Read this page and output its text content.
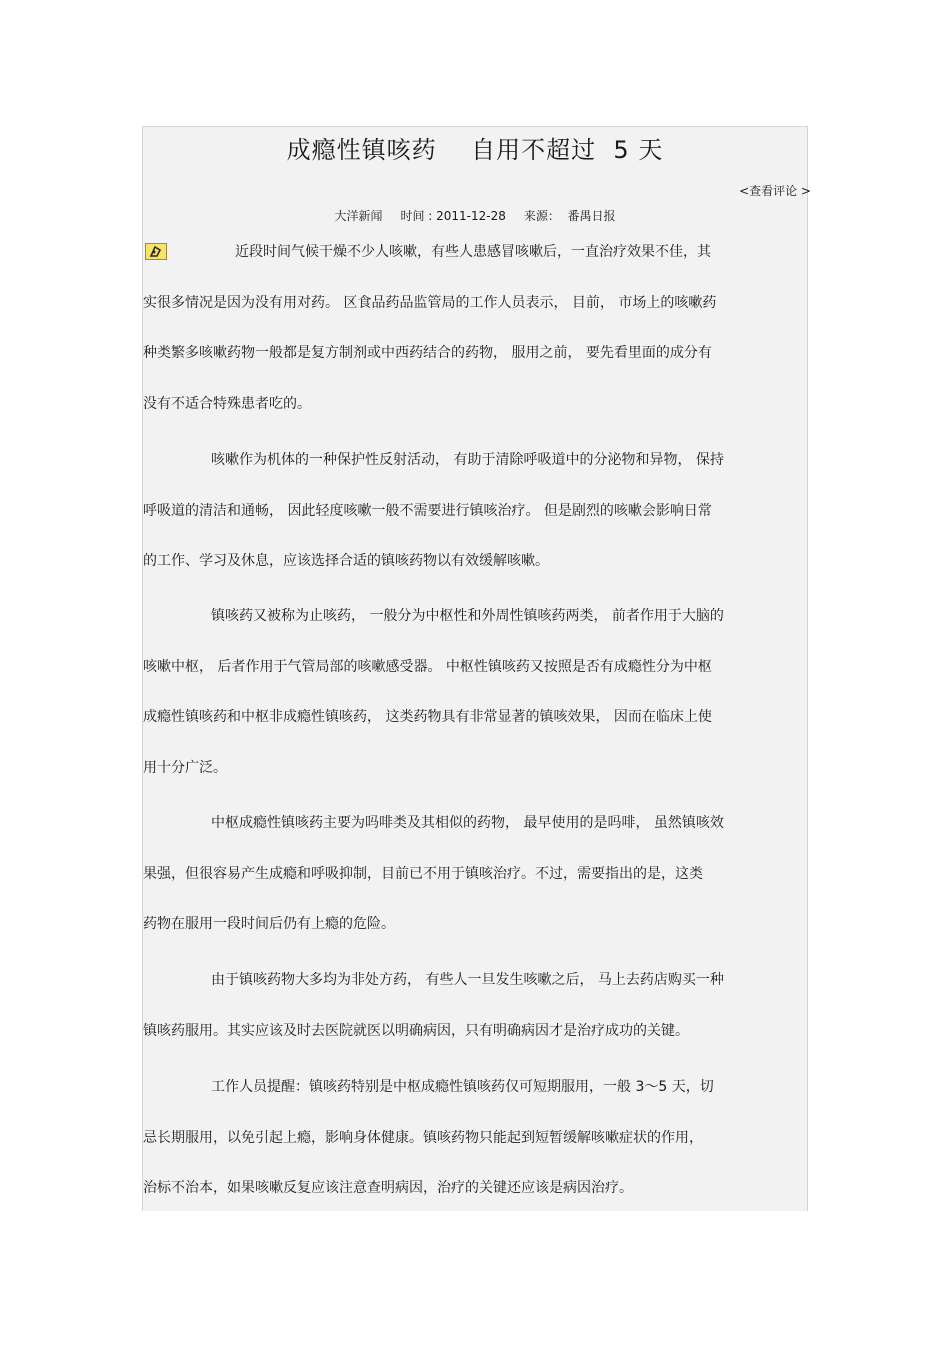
成瘾性镇咳药    自用不超过  5 天
<查看评论 >
大洋新闻 时间 : 2011-12-28 来源：  番禺日报
近段时间气候干燥不少人咳嗽，有些人患感冒咳嗽后，一直治疗效果不佳，其
实很多情况是因为没有用对药。 区食品药品监管局的工作人员表示， 目前， 市场上的咳嗽药
种类繁多咳嗽药物一般都是复方制剂或中西药结合的药物， 服用之前， 要先看里面的成分有
没有不适合特殊患者吃的。
咳嗽作为机体的一种保护性反射活动， 有助于清除呼吸道中的分泌物和异物， 保持
呼吸道的清洁和通畅， 因此轻度咳嗽一般不需要进行镇咳治疗。 但是剧烈的咳嗽会影响日常
的工作、学习及休息，应该选择合适的镇咳药物以有效缓解咳嗽。
镇咳药又被称为止咳药， 一般分为中枢性和外周性镇咳药两类， 前者作用于大脑的
咳嗽中枢， 后者作用于气管局部的咳嗽感受器。 中枢性镇咳药又按照是否有成瘾性分为中枢
成瘾性镇咳药和中枢非成瘾性镇咳药， 这类药物具有非常显著的镇咳效果， 因而在临床上使
用十分广泛。
中枢成瘾性镇咳药主要为吗啡类及其相似的药物， 最早使用的是吗啡， 虽然镇咳效
果强，但很容易产生成瘾和呼吸抑制，目前已不用于镇咳治疗。不过，需要指出的是，这类
药物在服用一段时间后仍有上瘾的危险。
由于镇咳药物大多均为非处方药， 有些人一旦发生咳嗽之后， 马上去药店购买一种
镇咳药服用。其实应该及时去医院就医以明确病因，只有明确病因才是治疗成功的关键。
工作人员提醒：镇咳药特别是中枢成瘾性镇咳药仅可短期服用，一般 3～5 天，切
忌长期服用，以免引起上瘾，影响身体健康。镇咳药物只能起到短暂缓解咳嗽症状的作用，
治标不治本，如果咳嗽反复应该注意查明病因，治疗的关键还应该是病因治疗。
